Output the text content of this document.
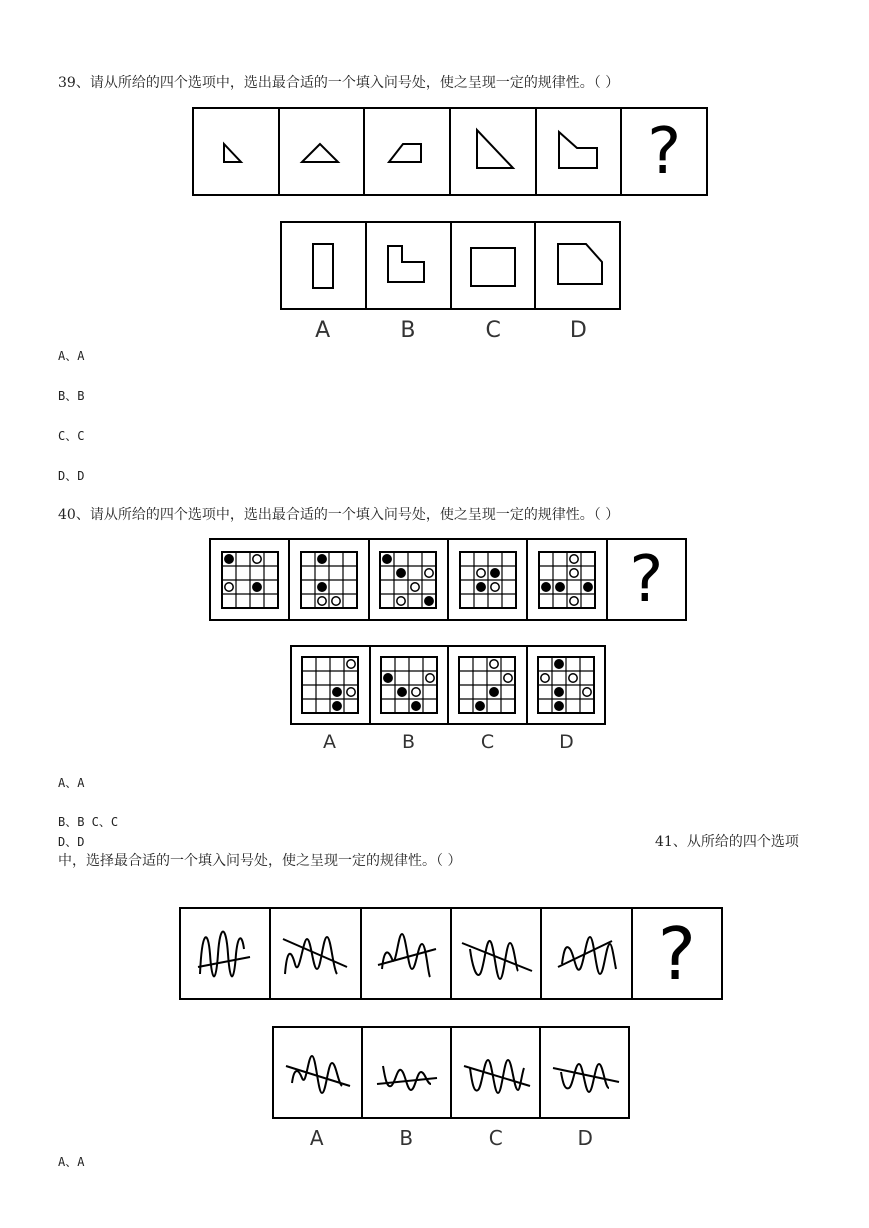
39、请从所给的四个选项中，选出最合适的一个填入问号处，使之呈现一定的规律性。（ ）
?
A	B	C	D
A、A
B、B
C、C
D、D
40、请从所给的四个选项中，选出最合适的一个填入问号处，使之呈现一定的规律性。（ ）
?
A	B	C	D
A、A
B、B C、C
D、D	41、从所给的四个选项
中，选择最合适的一个填入问号处，使之呈现一定的规律性。（ ）
?
A	B	C	D
A、A
